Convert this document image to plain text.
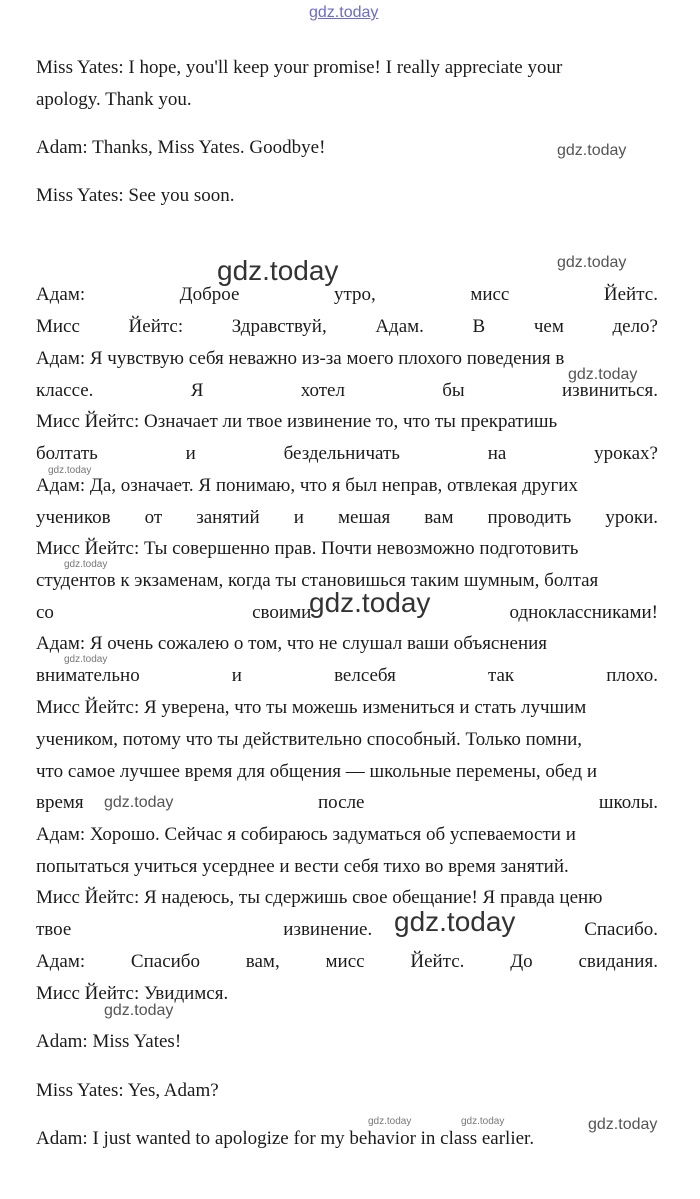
gdz.today
Miss Yates: I hope, you'll keep your promise! I really appreciate your
apology. Thank you.
Adam: Thanks, Miss Yates. Goodbye!
Miss Yates: See you soon.
Адам:	Доброе	утро,	мисс	Йейтс.
Мисс	Йейтс:	Здравствуй,	Адам.	В	чем	дело?
Адам: Я чувствую себя неважно из-за моего плохого поведения в
классе.	Я	хотел	бы	извиниться.
Мисс Йейтс: Означает ли твое извинение то, что ты прекратишь
болтать	и	бездельничать	на	уроках?
Адам: Да, означает. Я понимаю, что я был неправ, отвлекая других
учеников от занятий и мешая вам проводить уроки.
Мисс Йейтс: Ты совершенно прав. Почти невозможно подготовить
студентов к экзаменам, когда ты становишься таким шумным, болтая
со	своими	одноклассниками!
Адам: Я очень сожалею о том, что не слушал ваши объяснения
внимательно	и	велсебя	так	плохо.
Мисс Йейтс: Я уверена, что ты можешь измениться и стать лучшим
учеником, потому что ты действительно способный. Только помни,
что самое лучшее время для общения — школьные перемены, обед и
время	после	школы.
Адам: Хорошо. Сейчас я собираюсь задуматься об успеваемости и
попытаться учиться усерднее и вести себя тихо во время занятий.
Мисс Йейтс: Я надеюсь, ты сдержишь свое обещание! Я правда ценю
твое	извинение.	Спасибо.
Адам: Спасибо вам, мисс Йейтс. До свидания.
Мисс Йейтс: Увидимся.
Adam: Miss Yates!
Miss Yates: Yes, Adam?
Adam: I just wanted to apologize for my behavior in class earlier.
gdz.today
gdz.today
gdz.today
gdz.today
gdz.today
gdz.today
gdz.today
gdz.today
gdz.today
gdz.today
gdz.today
gdz.today	gdz.today	gdz.today
